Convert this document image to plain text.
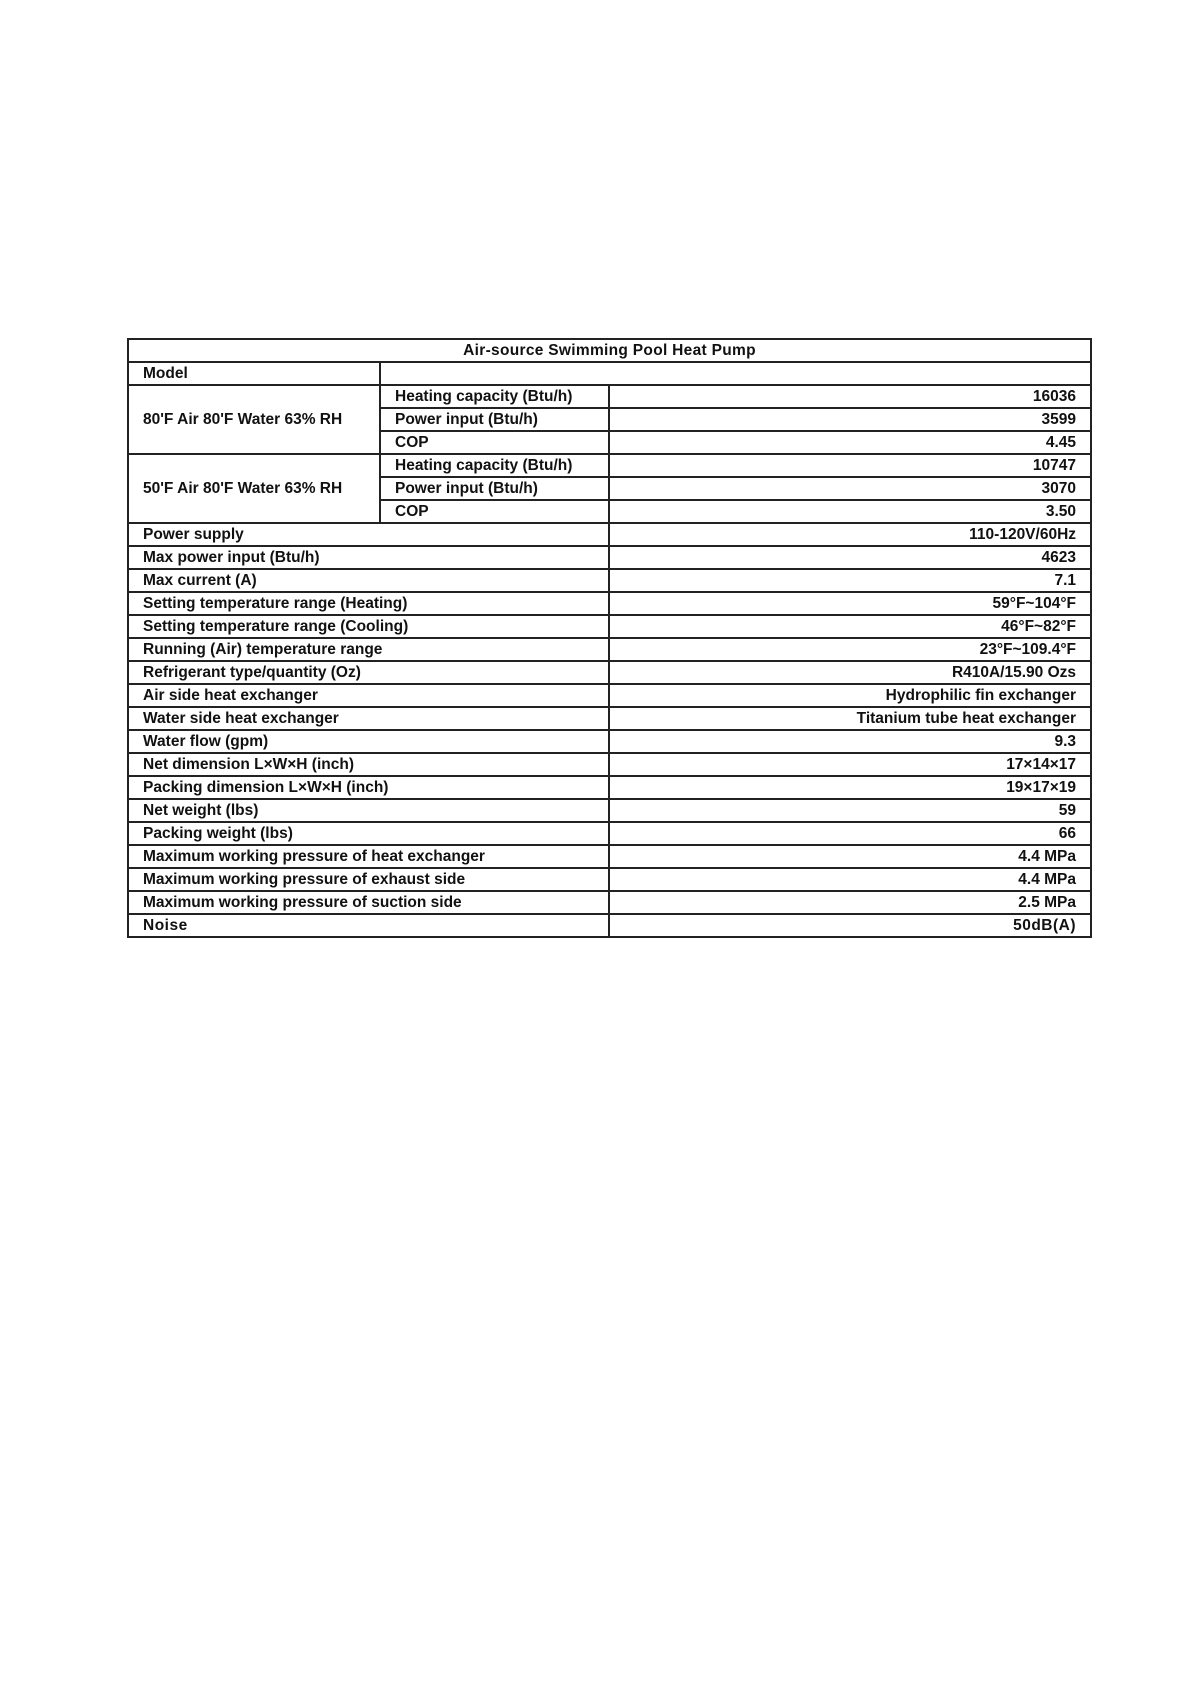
Air-source Swimming Pool Heat Pump		
Model		
80'F Air 80'F Water 63% RH	Heating capacity (Btu/h)	16036
	Power input (Btu/h)	3599
	COP	4.45
50'F Air 80'F Water 63% RH	Heating capacity (Btu/h)	10747
	Power input (Btu/h)	3070
	COP	3.50
Power supply		110-120V/60Hz
Max power input (Btu/h)		4623
Max current (A)		7.1
Setting temperature range (Heating)		59°F~104°F
Setting temperature range (Cooling)		46°F~82°F
Running (Air) temperature range		23°F~109.4°F
Refrigerant type/quantity (Oz)		R410A/15.90 Ozs
Air side heat exchanger		Hydrophilic fin exchanger
Water side heat exchanger		Titanium tube heat exchanger
Water flow (gpm)		9.3
Net dimension L×W×H (inch)		17×14×17
Packing dimension L×W×H (inch)		19×17×19
Net weight (lbs)		59
Packing weight (lbs)		66
Maximum working pressure of heat exchanger		4.4 MPa
Maximum working pressure of exhaust side		4.4 MPa
Maximum working pressure of suction side		2.5 MPa
Noise		50dB(A)
